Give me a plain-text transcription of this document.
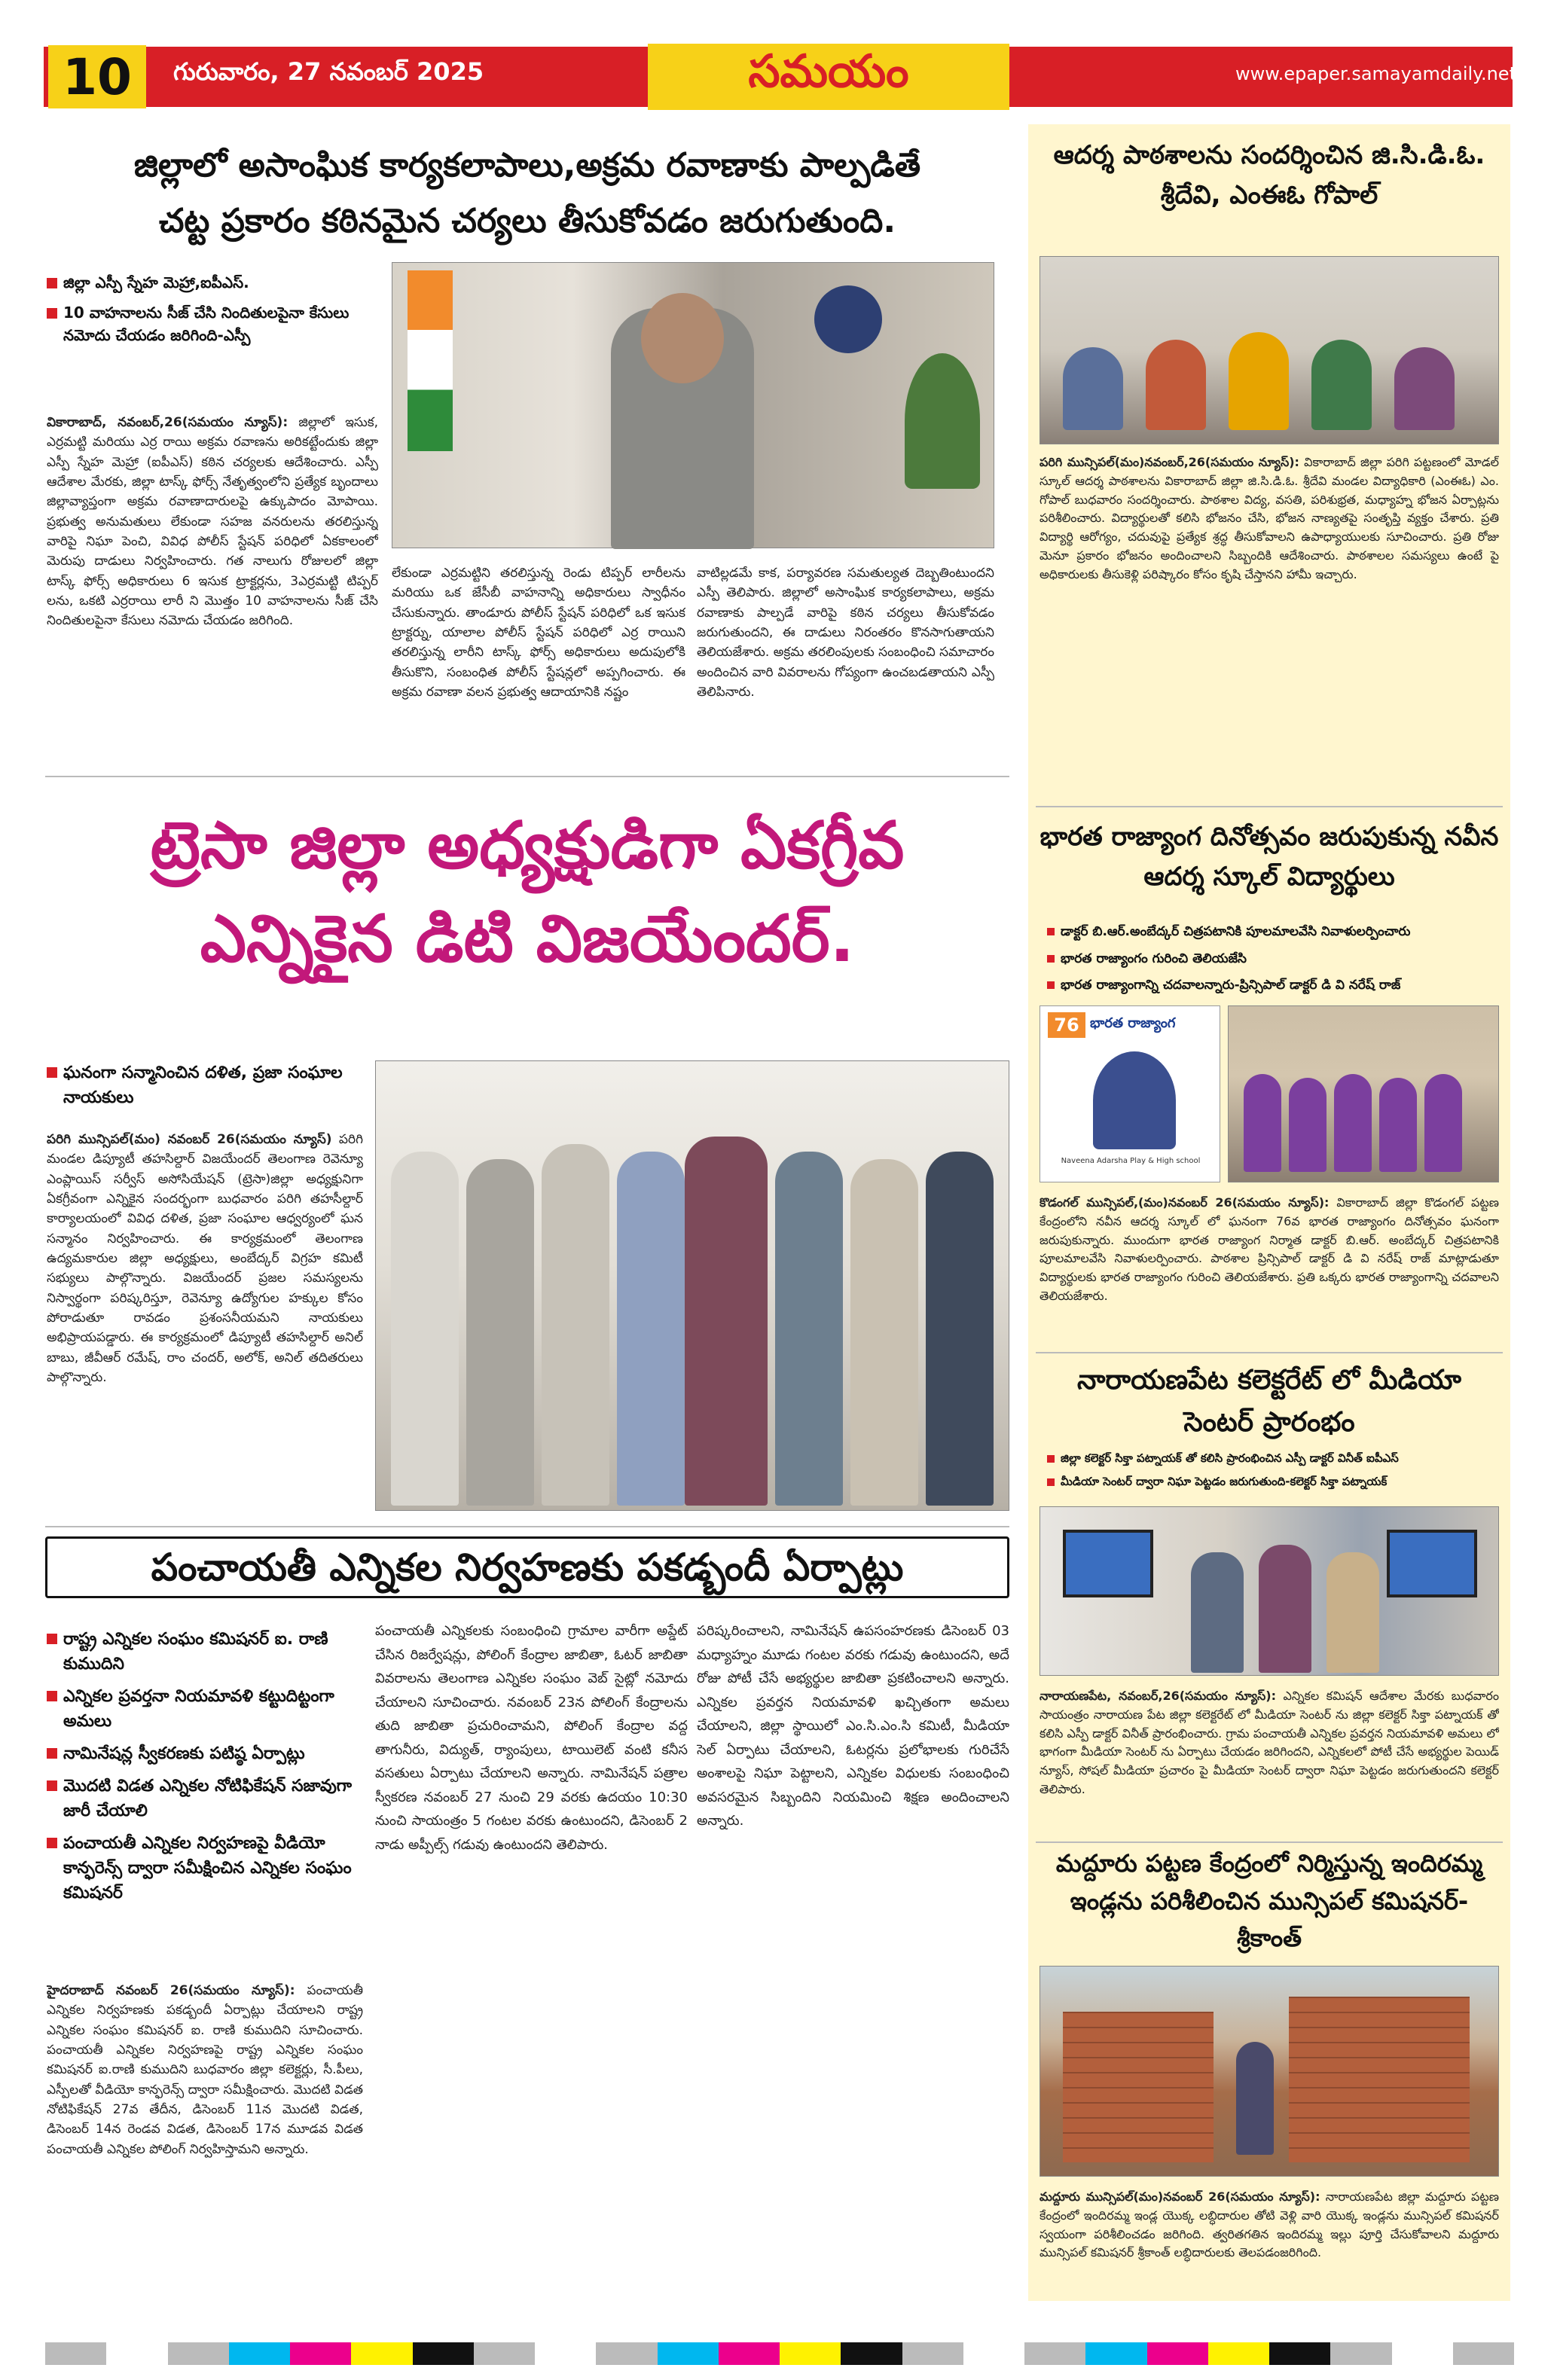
10	గురువారం, 27 నవంబర్ 2025	సమయం	www.epaper.samayamdaily.net
జిల్లాలో అసాంఘిక కార్యకలాపాలు,అక్రమ రవాణాకు పాల్పడితే
చట్ట ప్రకారం కఠినమైన చర్యలు తీసుకోవడం జరుగుతుంది.
జిల్లా ఎస్పీ స్నేహ మెహ్రా,ఐపీఎస్.
10 వాహనాలను సీజ్ చేసి నిందితులపైనా కేసులు నమోదు చేయడం జరిగింది-ఎస్పీ
వికారాబాద్, నవంబర్,26(సమయం న్యూస్): జిల్లాలో ఇసుక, ఎర్రమట్టి మరియు ఎర్ర రాయి అక్రమ రవాణను అరికట్టేందుకు జిల్లా ఎస్పీ స్నేహ మెహ్రా (ఐపీఎస్) కఠిన చర్యలకు ఆదేశించారు. ఎస్పీ ఆదేశాల మేరకు, జిల్లా టాస్క్ ఫోర్స్ నేతృత్వంలోని ప్రత్యేక బృందాలు జిల్లావ్యాప్తంగా అక్రమ రవాణాదారులపై ఉక్కుపాదం మోపాయి. ప్రభుత్వ అనుమతులు లేకుండా సహజ వనరులను తరలిస్తున్న వారిపై నిఘా పెంచి, వివిధ పోలీస్ స్టేషన్ పరిధిలో ఏకకాలంలో మెరుపు దాడులు నిర్వహించారు. గత నాలుగు రోజులలో జిల్లా టాస్క్ ఫోర్స్ అధికారులు 6 ఇసుక ట్రాక్టర్లను, 3ఎర్రమట్టి టిప్పర్ లను, ఒకటి ఎర్రరాయి లారీ ని మొత్తం 10 వాహనాలను సీజ్ చేసి నిందితులపైనా కేసులు నమోదు చేయడం జరిగింది.
లేకుండా ఎర్రమట్టిని తరలిస్తున్న రెండు టిప్పర్ లారీలను మరియు ఒక జేసీబీ వాహనాన్ని అధికారులు స్వాధీనం చేసుకున్నారు. తాండూరు పోలీస్ స్టేషన్ పరిధిలో ఒక ఇసుక ట్రాక్టర్ను, యాలాల పోలీస్ స్టేషన్ పరిధిలో ఎర్ర రాయిని తరలిస్తున్న లారీని టాస్క్ ఫోర్స్ అధికారులు అదుపులోకి తీసుకొని, సంబంధిత పోలీస్ స్టేషన్లలో అప్పగించారు. ఈ అక్రమ రవాణా వలన ప్రభుత్వ ఆదాయానికి నష్టం
వాటిల్లడమే కాక, పర్యావరణ సమతుల్యత దెబ్బతింటుందని ఎస్పీ తెలిపారు. జిల్లాలో అసాంఘిక కార్యకలాపాలు, అక్రమ రవాణాకు పాల్పడే వారిపై కఠిన చర్యలు తీసుకోవడం జరుగుతుందని, ఈ దాడులు నిరంతరం కొనసాగుతాయని తెలియజేశారు. అక్రమ తరలింపులకు సంబంధించి సమాచారం అందించిన వారి వివరాలను గోప్యంగా ఉంచబడతాయని ఎస్పీ తెలిపినారు.
ట్రెసా జిల్లా అధ్యక్షుడిగా ఏకగ్రీవ
ఎన్నికైన డిటి విజయేందర్.
ఘనంగా సన్మానించిన దళిత, ప్రజా సంఘాల నాయకులు
పరిగి మున్సిపల్(మం) నవంబర్ 26(సమయం న్యూస్) పరిగి మండల డిప్యూటీ తహసిల్దార్ విజయేందర్ తెలంగాణ రెవెన్యూ ఎంప్లాయిస్ సర్వీస్ అసోసియేషన్ (ట్రెసా)జిల్లా అధ్యక్షునిగా ఏకగ్రీవంగా ఎన్నికైన సందర్భంగా బుధవారం పరిగి తహసీల్దార్ కార్యాలయంలో వివిధ దళిత, ప్రజా సంఘాల ఆధ్వర్యంలో ఘన సన్మానం నిర్వహించారు. ఈ కార్యక్రమంలో తెలంగాణ ఉద్యమకారుల జిల్లా అధ్యక్షులు, అంబేద్కర్ విగ్రహ కమిటీ సభ్యులు పాల్గొన్నారు. విజయేందర్ ప్రజల సమస్యలను నిస్వార్థంగా పరిష్కరిస్తూ, రెవెన్యూ ఉద్యోగుల హక్కుల కోసం పోరాడుతూ రావడం ప్రశంసనీయమని నాయకులు అభిప్రాయపడ్డారు. ఈ కార్యక్రమంలో డిప్యూటీ తహసిల్దార్ అనిల్ బాబు, జీవీఆర్ రమేష్, రాం చందర్, అలోక్, అనిల్ తదితరులు పాల్గొన్నారు.
పంచాయతీ ఎన్నికల నిర్వహణకు పకడ్బందీ ఏర్పాట్లు
రాష్ట్ర ఎన్నికల సంఘం కమిషనర్ ఐ. రాణి కుముదిని
ఎన్నికల ప్రవర్తనా నియమావళి కట్టుదిట్టంగా అమలు
నామినేషన్ల స్వీకరణకు పటిష్ఠ ఏర్పాట్లు
మొదటి విడత ఎన్నికల నోటిఫికేషన్ సజావుగా జారీ చేయాలి
పంచాయతీ ఎన్నికల నిర్వహణపై వీడియో కాన్ఫరెన్స్ ద్వారా సమీక్షించిన ఎన్నికల సంఘం కమిషనర్
హైదరాబాద్ నవంబర్ 26(సమయం న్యూస్): పంచాయతీ ఎన్నికల నిర్వహణకు పకడ్బందీ ఏర్పాట్లు చేయాలని రాష్ట్ర ఎన్నికల సంఘం కమిషనర్ ఐ. రాణి కుముదిని సూచించారు. పంచాయతీ ఎన్నికల నిర్వహణపై రాష్ట్ర ఎన్నికల సంఘం కమిషనర్ ఐ.రాణి కుముదిని బుధవారం జిల్లా కలెక్టర్లు, సీ.పీలు, ఎస్పీలతో వీడియో కాన్ఫరెన్స్ ద్వారా సమీక్షించారు. మొదటి విడత నోటిఫికేషన్ 27వ తేదీన, డిసెంబర్ 11న మొదటి విడత, డిసెంబర్ 14న రెండవ విడత, డిసెంబర్ 17న మూడవ విడత పంచాయతీ ఎన్నికల పోలింగ్ నిర్వహిస్తామని అన్నారు.
పంచాయతీ ఎన్నికలకు సంబంధించి గ్రామాల వారీగా అప్డేట్ చేసిన రిజర్వేషన్లు, పోలింగ్ కేంద్రాల జాబితా, ఓటర్ జాబితా వివరాలను తెలంగాణ ఎన్నికల సంఘం వెబ్ సైట్లో నమోదు చేయాలని సూచించారు. నవంబర్ 23న పోలింగ్ కేంద్రాలను తుది జాబితా ప్రచురించామని, పోలింగ్ కేంద్రాల వద్ద తాగునీరు, విద్యుత్, ర్యాంపులు, టాయిలెట్ వంటి కనీస వసతులు ఏర్పాటు చేయాలని అన్నారు. నామినేషన్ పత్రాల స్వీకరణ నవంబర్ 27 నుంచి 29 వరకు ఉదయం 10:30 నుంచి సాయంత్రం 5 గంటల వరకు ఉంటుందని, డిసెంబర్ 2 నాడు అప్పీల్స్ గడువు ఉంటుందని తెలిపారు.
పరిష్కరించాలని, నామినేషన్ ఉపసంహరణకు డిసెంబర్ 03 మధ్యాహ్నం మూడు గంటల వరకు గడువు ఉంటుందని, అదే రోజు పోటీ చేసే అభ్యర్థుల జాబితా ప్రకటించాలని అన్నారు. ఎన్నికల ప్రవర్తన నియమావళి ఖచ్చితంగా అమలు చేయాలని, జిల్లా స్థాయిలో ఎం.సి.ఎం.సి కమిటీ, మీడియా సెల్ ఏర్పాటు చేయాలని, ఓటర్లను ప్రలోభాలకు గురిచేసే అంశాలపై నిఘా పెట్టాలని, ఎన్నికల విధులకు సంబంధించి అవసరమైన సిబ్బందిని నియమించి శిక్షణ అందించాలని అన్నారు.
ఆదర్శ పాఠశాలను సందర్శించిన జి.సి.డి.ఓ. శ్రీదేవి, ఎంఈఓ గోపాల్
పరిగి మున్సిపల్(మం)నవంబర్,26(సమయం న్యూస్): వికారాబాద్ జిల్లా పరిగి పట్టణంలో మోడల్ స్కూల్ ఆదర్శ పాఠశాలను వికారాబాద్ జిల్లా జి.సి.డి.ఓ. శ్రీదేవి మండల విద్యాధికారి (ఎంఈఓ) ఎం. గోపాల్ బుధవారం సందర్శించారు. పాఠశాల విద్య, వసతి, పరిశుభ్రత, మధ్యాహ్న భోజన ఏర్పాట్లను పరిశీలించారు. విద్యార్థులతో కలిసి భోజనం చేసి, భోజన నాణ్యతపై సంతృప్తి వ్యక్తం చేశారు. ప్రతి విద్యార్థి ఆరోగ్యం, చదువుపై ప్రత్యేక శ్రద్ధ తీసుకోవాలని ఉపాధ్యాయులకు సూచించారు. ప్రతి రోజు మెనూ ప్రకారం భోజనం అందించాలని సిబ్బందికి ఆదేశించారు. పాఠశాలల సమస్యలు ఉంటే పై అధికారులకు తీసుకెళ్లి పరిష్కారం కోసం కృషి చేస్తానని హామీ ఇచ్చారు.
భారత రాజ్యాంగ దినోత్సవం జరుపుకున్న నవీన ఆదర్శ స్కూల్ విద్యార్థులు
డాక్టర్ బి.ఆర్.అంబేద్కర్ చిత్రపటానికి పూలమాలవేసి నివాళులర్పించారు
భారత రాజ్యాంగం గురించి తెలియజేసి
భారత రాజ్యాంగాన్ని చదవాలన్నారు-ప్రిన్సిపాల్ డాక్టర్ డి వి నరేష్ రాజ్
76 భారత రాజ్యాంగ
Naveena Adarsha Play & High school
కొడంగల్ మున్సిపల్,(మం)నవంబర్ 26(సమయం న్యూస్): వికారాబాద్ జిల్లా కొడంగల్ పట్టణ కేంద్రంలోని నవీన ఆదర్శ స్కూల్ లో ఘనంగా 76వ భారత రాజ్యాంగం దినోత్సవం ఘనంగా జరుపుకున్నారు. ముందుగా భారత రాజ్యాంగ నిర్మాత డాక్టర్ బి.ఆర్. అంబేద్కర్ చిత్రపటానికి పూలమాలవేసి నివాళులర్పించారు. పాఠశాల ప్రిన్సిపాల్ డాక్టర్ డి వి నరేష్ రాజ్ మాట్లాడుతూ విద్యార్థులకు భారత రాజ్యాంగం గురించి తెలియజేశారు. ప్రతి ఒక్కరు భారత రాజ్యాంగాన్ని చదవాలని తెలియజేశారు.
నారాయణపేట కలెక్టరేట్ లో మీడియా సెంటర్ ప్రారంభం
జిల్లా కలెక్టర్ సిక్తా పట్నాయక్ తో కలిసి ప్రారంభించిన ఎస్పీ డాక్టర్ వినీత్ ఐపీఎస్
మీడియా సెంటర్ ద్వారా నిఘా పెట్టడం జరుగుతుంది-కలెక్టర్ సిక్తా పట్నాయక్
నారాయణపేట, నవంబర్,26(సమయం న్యూస్): ఎన్నికల కమిషన్ ఆదేశాల మేరకు బుధవారం సాయంత్రం నారాయణ పేట జిల్లా కలెక్టరేట్ లో మీడియా సెంటర్ ను జిల్లా కలెక్టర్ సిక్తా పట్నాయక్ తో కలిసి ఎస్పీ డాక్టర్ వినీత్ ప్రారంభించారు. గ్రామ పంచాయతీ ఎన్నికల ప్రవర్తన నియమావళి అమలు లో భాగంగా మీడియా సెంటర్ ను ఏర్పాటు చేయడం జరిగిందని, ఎన్నికలలో పోటీ చేసే అభ్యర్థుల పెయిడ్ న్యూస్, సోషల్ మీడియా ప్రచారం పై మీడియా సెంటర్ ద్వారా నిఘా పెట్టడం జరుగుతుందని కలెక్టర్ తెలిపారు.
మద్దూరు పట్టణ కేంద్రంలో నిర్మిస్తున్న ఇందిరమ్మ ఇండ్లను పరిశీలించిన మున్సిపల్ కమిషనర్-శ్రీకాంత్
మద్దూరు మున్సిపల్(మం)నవంబర్ 26(సమయం న్యూస్): నారాయణపేట జిల్లా మద్దూరు పట్టణ కేంద్రంలో ఇందిరమ్మ ఇండ్ల యొక్క లబ్ధిదారుల తోటి వెళ్లి వారి యొక్క ఇండ్లను మున్సిపల్ కమిషనర్ స్వయంగా పరిశీలించడం జరిగింది. త్వరితగతిన ఇందిరమ్మ ఇల్లు పూర్తి చేసుకోవాలని మద్దూరు మున్సిపల్ కమిషనర్ శ్రీకాంత్ లబ్ధిదారులకు తెలపడంజరిగింది.
